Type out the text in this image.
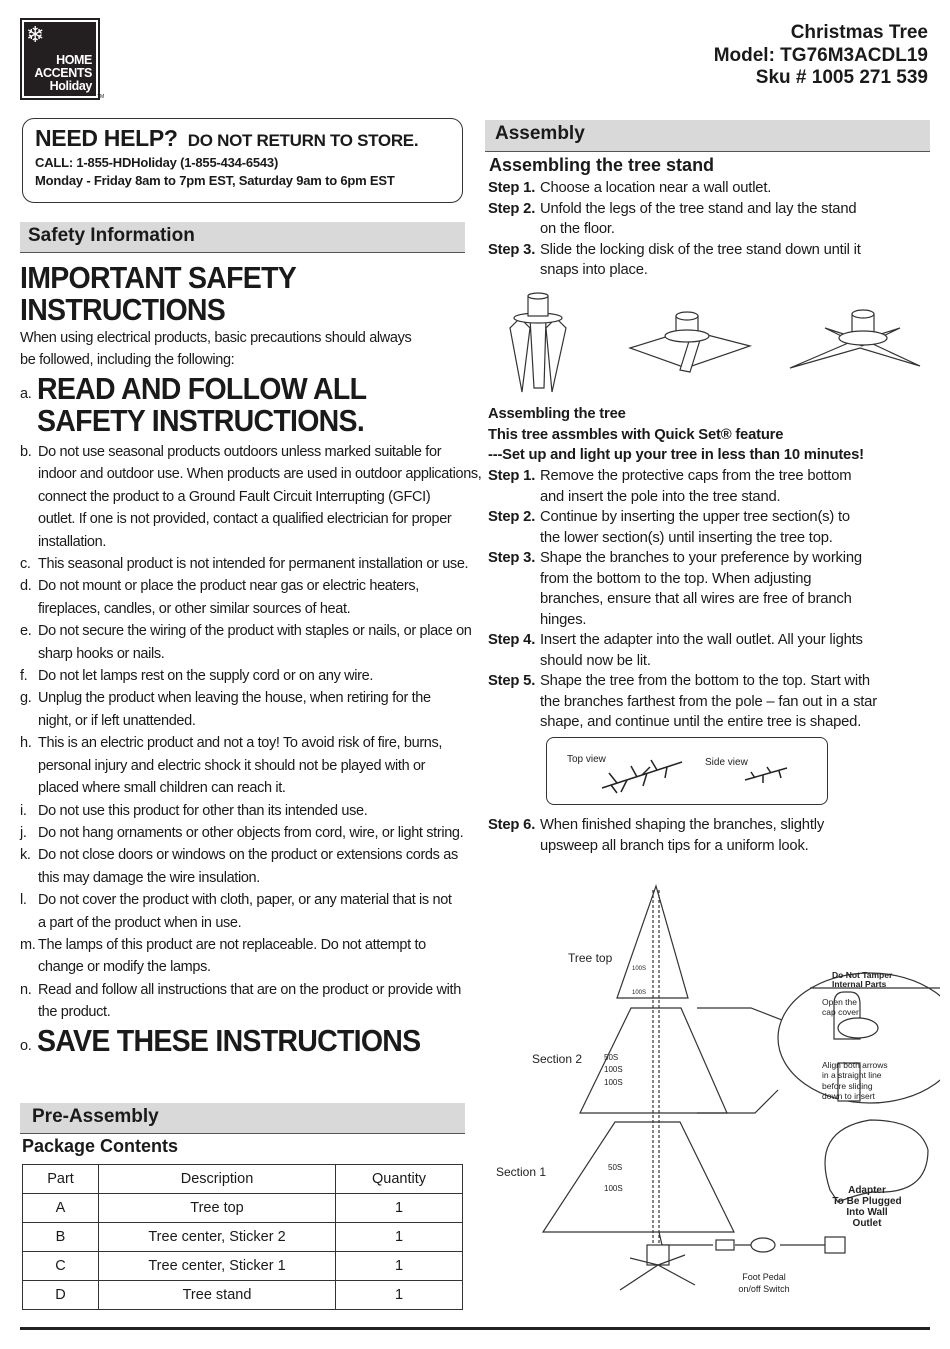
HOME
ACCENTS
Holiday
TM
❄	Christmas Tree
Model: TG76M3ACDL19
Sku # 1005 271 539
NEED HELP? DO NOT RETURN TO STORE.
CALL: 1-855-HDHoliday (1-855-434-6543)
Monday - Friday 8am to 7pm EST, Saturday 9am to 6pm EST
Safety Information
IMPORTANT SAFETY
INSTRUCTIONS
When using electrical products, basic precautions should always
be followed, including the following:
a. READ AND FOLLOW ALL
SAFETY INSTRUCTIONS.
b. Do not use seasonal products outdoors unless marked suitable for
indoor and outdoor use. When products are used in outdoor applications,
connect the product to a Ground Fault Circuit Interrupting (GFCI)
outlet. If one is not provided, contact a qualified electrician for proper
installation.
c. This seasonal product is not intended for permanent installation or use.
d. Do not mount or place the product near gas or electric heaters,
fireplaces, candles, or other similar sources of heat.
e. Do not secure the wiring of the product with staples or nails, or place on
sharp hooks or nails.
f. Do not let lamps rest on the supply cord or on any wire.
g. Unplug the product when leaving the house, when retiring for the
night, or if left unattended.
h. This is an electric product and not a toy! To avoid risk of fire, burns,
personal injury and electric shock it should not be played with or
placed where small children can reach it.
i. Do not use this product for other than its intended use.
j. Do not hang ornaments or other objects from cord, wire, or light string.
k. Do not close doors or windows on the product or extensions cords as
this may damage the wire insulation.
l. Do not cover the product with cloth, paper, or any material that is not
a part of the product when in use.
m. The lamps of this product are not replaceable. Do not attempt to
change or modify the lamps.
n. Read and follow all instructions that are on the product or provide with
the product.
o. SAVE THESE INSTRUCTIONS
Pre-Assembly
Package Contents
Part	Description	Quantity
A	Tree top	1
B	Tree center, Sticker 2	1
C	Tree center, Sticker 1	1
D	Tree stand	1
Assembly
Assembling the tree stand
Step 1. Choose a location near a wall outlet.
Step 2. Unfold the legs of the tree stand and lay the stand
on the floor.
Step 3. Slide the locking disk of the tree stand down until it
snaps into place.
Assembling the tree
This tree assmbles with Quick Set® feature
---Set up and light up your tree in less than 10 minutes!
Step 1. Remove the protective caps from the tree bottom
and insert the pole into the tree stand.
Step 2. Continue by inserting the upper tree section(s) to
the lower section(s) until inserting the tree top.
Step 3. Shape the branches to your preference by working
from the bottom to the top. When adjusting
branches, ensure that all wires are free of branch
hinges.
Step 4. Insert the adapter into the wall outlet. All your lights
should now be lit.
Step 5. Shape the tree from the bottom to the top. Start with
the branches farthest from the pole – fan out in a star
shape, and continue until the entire tree is shaped.
Top view	Side view
Step 6. When finished shaping the branches, slightly
upsweep all branch tips for a uniform look.
100S
100S
50S
100S
100S
50S
100S
Tree top
Section 2
Section 1
Do Not Tamper
Internal Parts
Open the
cap cover
Align both arrows
in a straight line
before sliding
down to insert
Adapter
To Be Plugged
Into Wall
Outlet
Foot Pedal
on/off Switch
